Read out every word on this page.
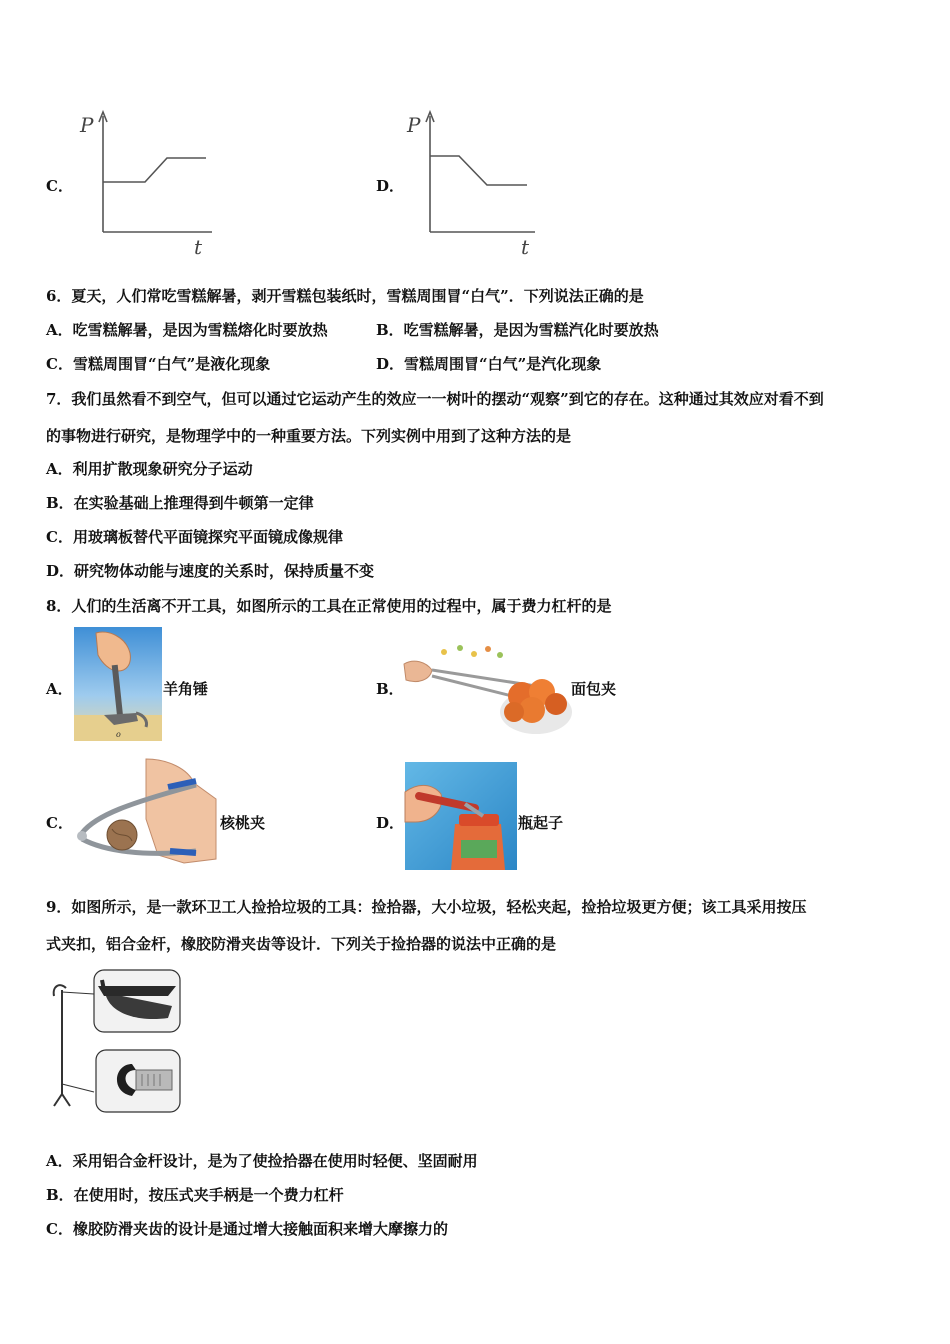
C．
P
t
D．
P
t
6．夏天，人们常吃雪糕解暑，剥开雪糕包装纸时，雪糕周围冒“白气”．下列说法正确的是
A．吃雪糕解暑，是因为雪糕熔化时要放热	B．吃雪糕解暑，是因为雪糕汽化时要放热
C．雪糕周围冒“白气”是液化现象	D．雪糕周围冒“白气”是汽化现象
7．我们虽然看不到空气，但可以通过它运动产生的效应一一树叶的摆动“观察”到它的存在。这种通过其效应对看不到
的事物进行研究，是物理学中的一种重要方法。下列实例中用到了这种方法的是
A．利用扩散现象研究分子运动
B．在实验基础上推理得到牛顿第一定律
C．用玻璃板替代平面镜探究平面镜成像规律
D．研究物体动能与速度的关系时，保持质量不变
8．人们的生活离不开工具，如图所示的工具在正常使用的过程中，属于费力杠杆的是
A．
o
羊角锤	B．	面包夹
C．	核桃夹	D．	瓶起子
9．如图所示，是一款环卫工人捡拾垃圾的工具：捡拾器，大小垃圾，轻松夹起，捡拾垃圾更方便；该工具采用按压
式夹扣，铝合金杆，橡胶防滑夹齿等设计．下列关于捡拾器的说法中正确的是
A．采用铝合金杆设计，是为了使捡拾器在使用时轻便、坚固耐用
B．在使用时，按压式夹手柄是一个费力杠杆
C．橡胶防滑夹齿的设计是通过增大接触面积来增大摩擦力的
